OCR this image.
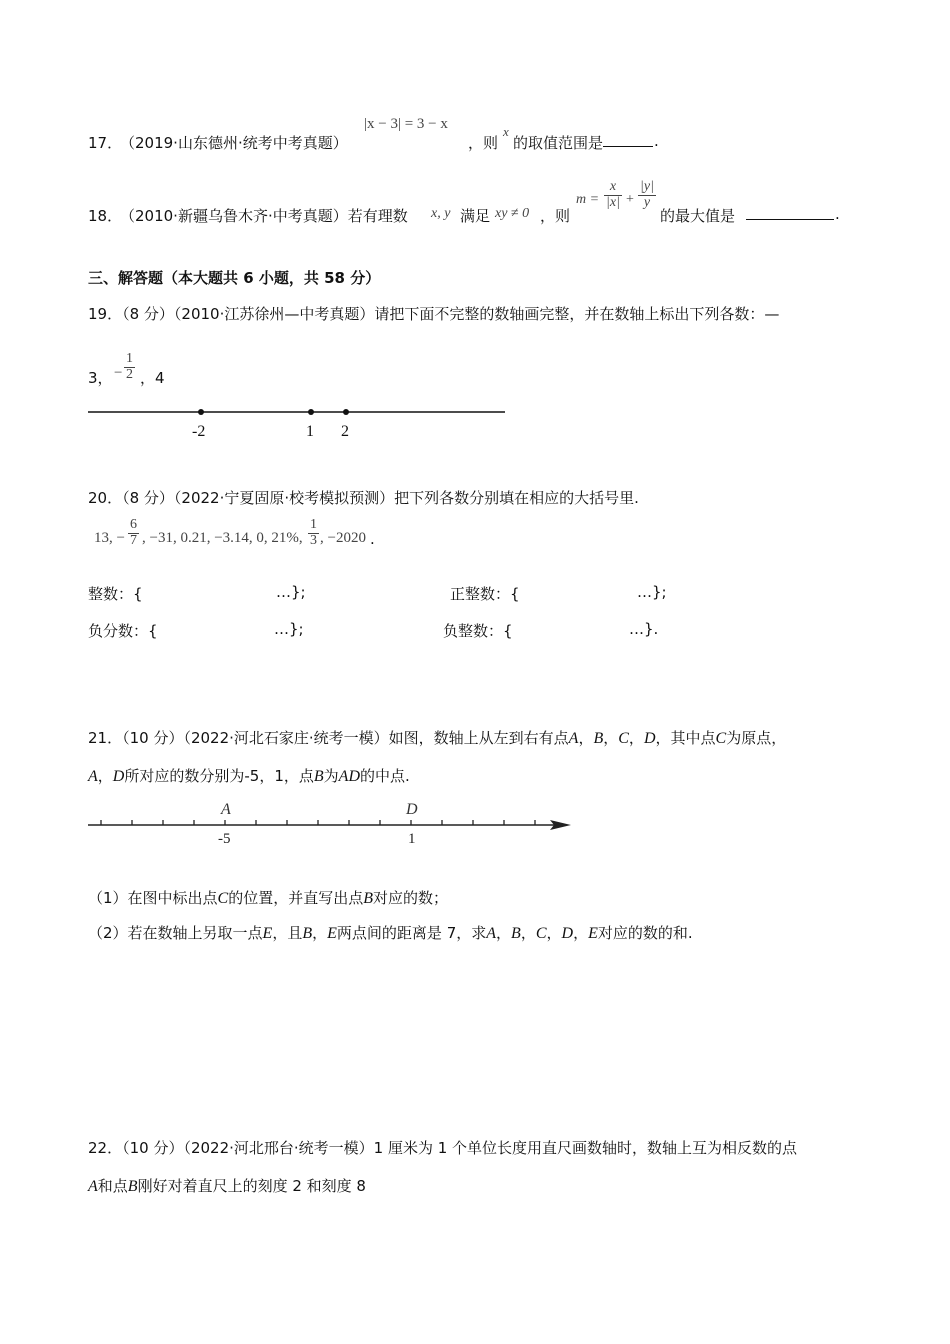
17．
（2019·山东德州·统考中考真题）
|x − 3| = 3 − x
，则
x
的取值范围是	.
18．
（2010·新疆乌鲁木齐·中考真题）若有理数 x, y 满足 xy ≠ 0 ，则
$m = \frac{x}{|x|} + \frac{|y|}{y}$
的最大值是	.
三、解答题（本大题共 6 小题，共 58 分）
19．（8 分）（2010·江苏徐州—中考真题）请把下面不完整的数轴画完整，并在数轴上标出下列各数：—
3， − $\frac{1}{2}$ ，4
-2	1 2
20．（8 分）（2022·宁夏固原·校考模拟预测）把下列各数分别填在相应的大括号里.
13, − $\frac{6}{7}$ , −31, 0.21, −3.14, 0, 21%, $\frac{1}{3}$ , −2020 .
整数：{	…};	正整数：{	…};
负分数：{	…};	负整数：{	…}.
21．（10 分）（2022·河北石家庄·统考一模）如图，数轴上从左到右有点A，B，C，D，其中点C为原点，
A，D所对应的数分别为-5，1，点B为AD的中点.
A	D
-5	1
（1）在图中标出点C的位置，并直写出点B对应的数；
（2）若在数轴上另取一点E，且B，E两点间的距离是 7，求A，B，C，D，E对应的数的和.
22．（10 分）（2022·河北邢台·统考一模）1 厘米为 1 个单位长度用直尺画数轴时，数轴上互为相反数的点
A和点B刚好对着直尺上的刻度 2 和刻度 8
